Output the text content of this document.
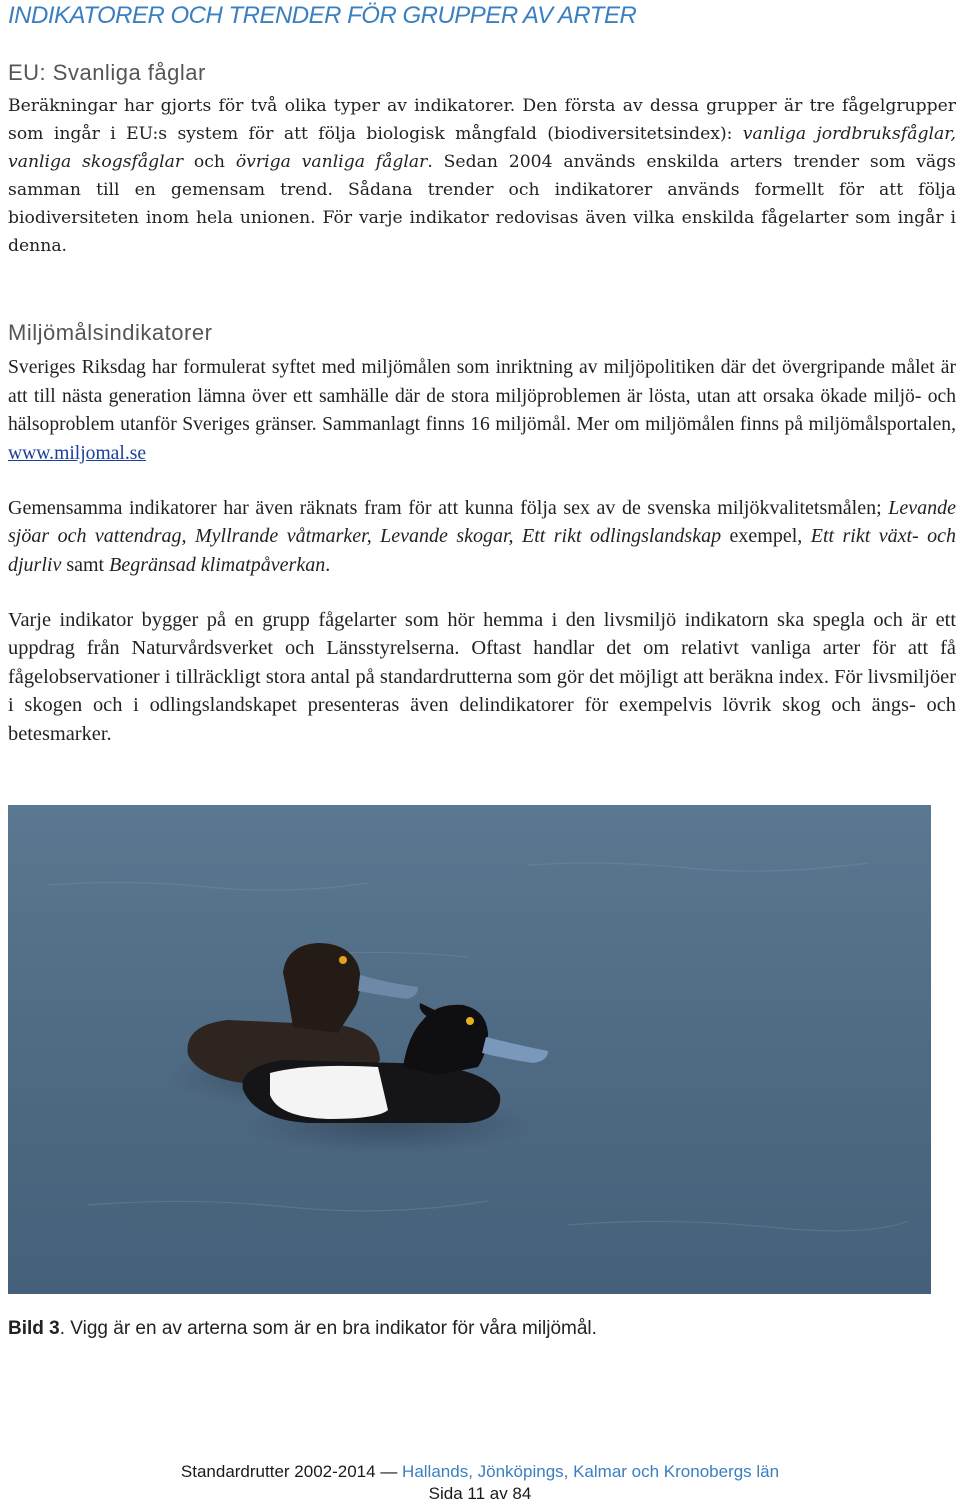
INDIKATORER OCH TRENDER FÖR GRUPPER AV ARTER
EU: Svanliga fåglar
Beräkningar har gjorts för två olika typer av indikatorer. Den första av dessa grupper är tre fågelgrupper som ingår i EU:s system för att följa biologisk mångfald (biodiversitetsindex): vanliga jordbruksfåglar, vanliga skogsfåglar och övriga vanliga fåglar. Sedan 2004 används enskilda arters trender som vägs samman till en gemensam trend. Sådana trender och indikatorer används formellt för att följa biodiversiteten inom hela unionen. För varje indikator redovisas även vilka enskilda fågelarter som ingår i denna.
Miljömålsindikatorer
Sveriges Riksdag har formulerat syftet med miljömålen som inriktning av miljöpolitiken där det övergripande målet är att till nästa generation lämna över ett samhälle där de stora miljöproblemen är lösta, utan att orsaka ökade miljö- och hälsoproblem utanför Sveriges gränser. Sammanlagt finns 16 miljömål. Mer om miljömålen finns på miljömålsportalen, www.miljomal.se
Gemensamma indikatorer har även räknats fram för att kunna följa sex av de svenska miljökvalitetsmålen; Levande sjöar och vattendrag, Myllrande våtmarker, Levande skogar, Ett rikt odlingslandskap exempel, Ett rikt växt- och djurliv samt Begränsad klimatpåverkan.
Varje indikator bygger på en grupp fågelarter som hör hemma i den livsmiljö indikatorn ska spegla och är ett uppdrag från Naturvårdsverket och Länsstyrelserna. Oftast handlar det om relativt vanliga arter för att få fågelobservationer i tillräckligt stora antal på standardrutterna som gör det möjligt att beräkna index. För livsmiljöer i skogen och i odlingslandskapet presenteras även delindikatorer för exempelvis lövrik skog och ängs- och betesmarker.
Bild 3. Vigg är en av arterna som är en bra indikator för våra miljömål.
Standardrutter 2002-2014 — Hallands, Jönköpings, Kalmar och Kronobergs län
Sida 11 av 84
